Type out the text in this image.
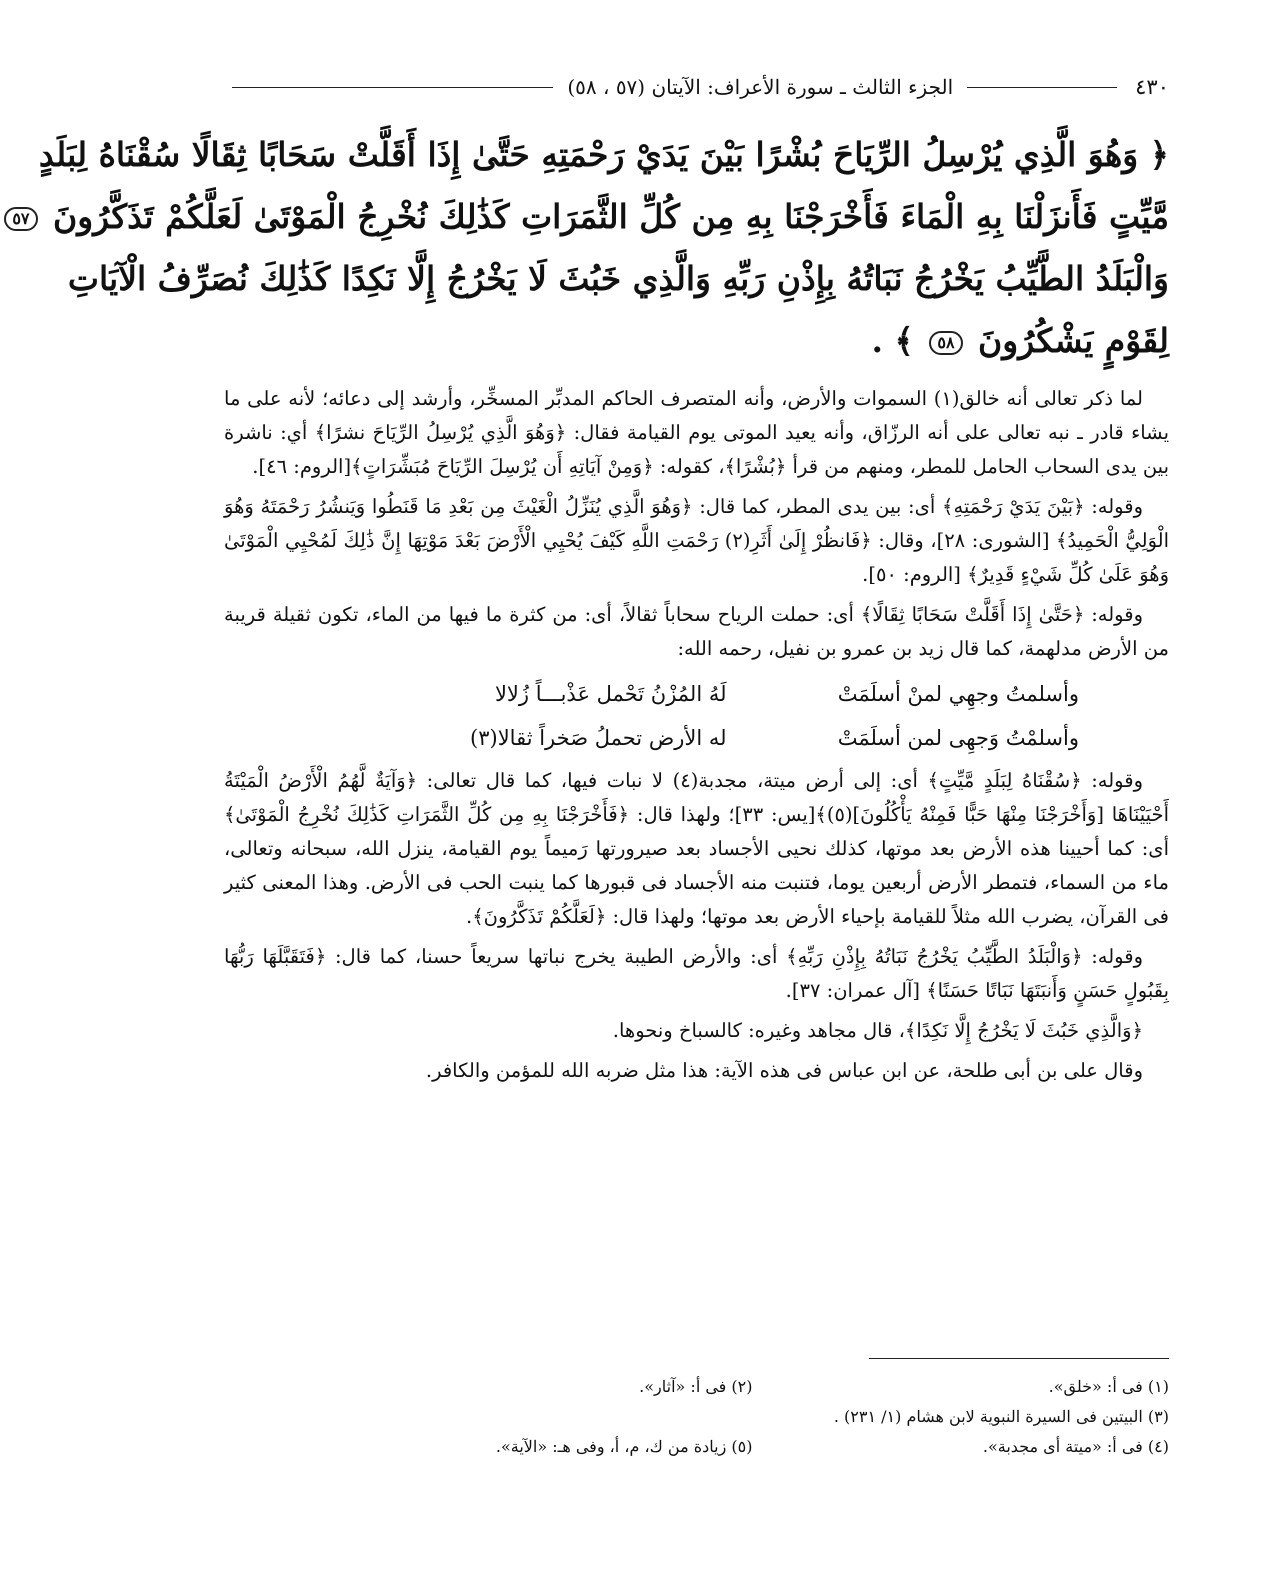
٤٣٠
الجزء الثالث ـ سورة الأعراف: الآيتان (٥٧ ، ٥٨)
﴿ وَهُوَ الَّذِي يُرْسِلُ الرِّيَاحَ بُشْرًا بَيْنَ يَدَيْ رَحْمَتِهِ حَتَّىٰ إِذَا أَقَلَّتْ سَحَابًا ثِقَالًا سُقْنَاهُ لِبَلَدٍ
مَّيِّتٍ فَأَنزَلْنَا بِهِ الْمَاءَ فَأَخْرَجْنَا بِهِ مِن كُلِّ الثَّمَرَاتِ كَذَٰلِكَ نُخْرِجُ الْمَوْتَىٰ لَعَلَّكُمْ تَذَكَّرُونَ ٥٧
وَالْبَلَدُ الطَّيِّبُ يَخْرُجُ نَبَاتُهُ بِإِذْنِ رَبِّهِ وَالَّذِي خَبُثَ لَا يَخْرُجُ إِلَّا نَكِدًا كَذَٰلِكَ نُصَرِّفُ الْآيَاتِ
لِقَوْمٍ يَشْكُرُونَ ٥٨ ﴾ .

لما ذكر تعالى أنه خالق(١) السموات والأرض، وأنه المتصرف الحاكم المدبِّر المسخِّر، وأرشد إلى دعائه؛ لأنه على ما يشاء قادر ـ نبه تعالى على أنه الرزّاق، وأنه يعيد الموتى يوم القيامة فقال: ﴿وَهُوَ الَّذِي يُرْسِلُ الرِّيَاحَ نشرًا﴾ أي: ناشرة بين يدى السحاب الحامل للمطر، ومنهم من قرأ ﴿بُشْرًا﴾، كقوله: ﴿وَمِنْ آيَاتِهِ أَن يُرْسِلَ الرِّيَاحَ مُبَشِّرَاتٍ﴾[الروم: ٤٦].

وقوله: ﴿بَيْنَ يَدَيْ رَحْمَتِهِ﴾ أى: بين يدى المطر، كما قال: ﴿وَهُوَ الَّذِي يُنَزِّلُ الْغَيْثَ مِن بَعْدِ مَا قَنَطُوا وَيَنشُرُ رَحْمَتَهُ وَهُوَ الْوَلِيُّ الْحَمِيدُ﴾ [الشورى: ٢٨]، وقال: ﴿فَانظُرْ إِلَىٰ أَثَرِ(٢) رَحْمَتِ اللَّهِ كَيْفَ يُحْيِي الْأَرْضَ بَعْدَ مَوْتِهَا إِنَّ ذَٰلِكَ لَمُحْيِي الْمَوْتَىٰ وَهُوَ عَلَىٰ كُلِّ شَيْءٍ قَدِيرٌ﴾ [الروم: ٥٠].

وقوله: ﴿حَتَّىٰ إِذَا أَقَلَّتْ سَحَابًا ثِقَالًا﴾ أى: حملت الرياح سحاباً ثقالاً، أى: من كثرة ما فيها من الماء، تكون ثقيلة قريبة من الأرض مدلهمة، كما قال زيد بن عمرو بن نفيل، رحمه الله:

وأسلمتُ وجهِي لمنْ أسلَمَتْ
لَهُ المُزْنُ تَحْمل عَذْبـــاً زُلالا
وأسلمْتُ وَجهِى لمن أسلَمَتْ
له الأرض تحملُ صَخراً ثقالا(٣)

وقوله: ﴿سُقْنَاهُ لِبَلَدٍ مَّيِّتٍ﴾ أى: إلى أرض ميتة، مجدبة(٤) لا نبات فيها، كما قال تعالى: ﴿وَآيَةٌ لَّهُمُ الْأَرْضُ الْمَيْتَةُ أَحْيَيْنَاهَا [وَأَخْرَجْنَا مِنْهَا حَبًّا فَمِنْهُ يَأْكُلُونَ](٥)﴾[يس: ٣٣]؛ ولهذا قال: ﴿فَأَخْرَجْنَا بِهِ مِن كُلِّ الثَّمَرَاتِ كَذَٰلِكَ نُخْرِجُ الْمَوْتَىٰ﴾ أى: كما أحيينا هذه الأرض بعد موتها، كذلك نحيى الأجساد بعد صيرورتها رَميماً يوم القيامة، ينزل الله، سبحانه وتعالى، ماء من السماء، فتمطر الأرض أربعين يوما، فتنبت منه الأجساد فى قبورها كما ينبت الحب فى الأرض. وهذا المعنى كثير فى القرآن، يضرب الله مثلاً للقيامة بإحياء الأرض بعد موتها؛ ولهذا قال: ﴿لَعَلَّكُمْ تَذَكَّرُونَ﴾.

وقوله: ﴿وَالْبَلَدُ الطَّيِّبُ يَخْرُجُ نَبَاتُهُ بِإِذْنِ رَبِّهِ﴾ أى: والأرض الطيبة يخرج نباتها سريعاً حسنا، كما قال: ﴿فَتَقَبَّلَهَا رَبُّهَا بِقَبُولٍ حَسَنٍ وَأَنبَتَهَا نَبَاتًا حَسَنًا﴾ [آل عمران: ٣٧].

﴿وَالَّذِي خَبُثَ لَا يَخْرُجُ إِلَّا نَكِدًا﴾، قال مجاهد وغيره: كالسباخ ونحوها.

وقال على بن أبى طلحة، عن ابن عباس فى هذه الآية: هذا مثل ضربه الله للمؤمن والكافر.

(١) فى أ: «خلق».
(٢) فى أ: «آثار».
(٣) البيتين فى السيرة النبوية لابن هشام (١/ ٢٣١) .
(٤) فى أ: «ميتة أى مجدبة».
(٥) زيادة من ك، م، أ، وفى هـ: «الآية».
